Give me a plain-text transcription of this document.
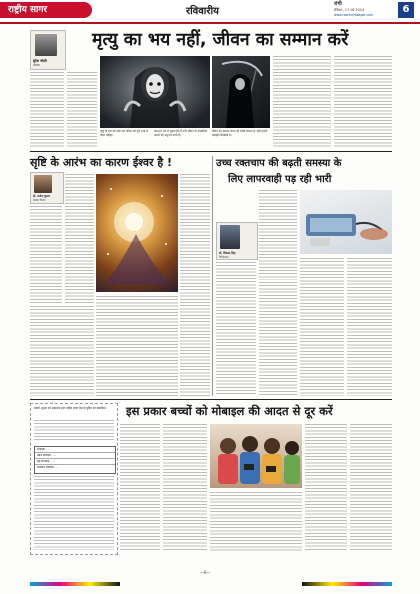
राष्ट्रीय सागर	रविवारीय
रांची
रविवार, 17 मई 2024
www.rashtriyasagar.com	6
सुरेश जोशी
लेखक
मृत्यु का भय नहीं, जीवन का सम्मान करें
मृत्यु के भय को त्याग कर जीवन को पूरी तरह से जीना चाहिए।
जब हम भय से मुक्त होते हैं तभी जीवन के वास्तविक आनंद को अनुभव करते हैं।
जीवन का सम्मान करना ही सच्ची साधना है, यही हमारी संस्कृति सिखाती है।
सृष्टि के आरंभ का कारण ईश्वर है !
डॉ. मनोज कुमार
लेखक चिंतक
उच्च रक्तचाप की बढ़ती समस्या के
लिए लापरवाही पड़ रही भारी
डॉ. विकास सिंह
चिकित्सक
स्वामी, मुद्रक एवं प्रकाशक द्वारा राष्ट्रीय सागर प्रेस से मुद्रित एवं प्रकाशित।
संपादक : ...
प्रबंध संपादक : ...
सह संपादक : ...
समाचार संपादक : ...
इस प्रकार बच्चों को मोबाइल की आदत से दूर करें
—6—
